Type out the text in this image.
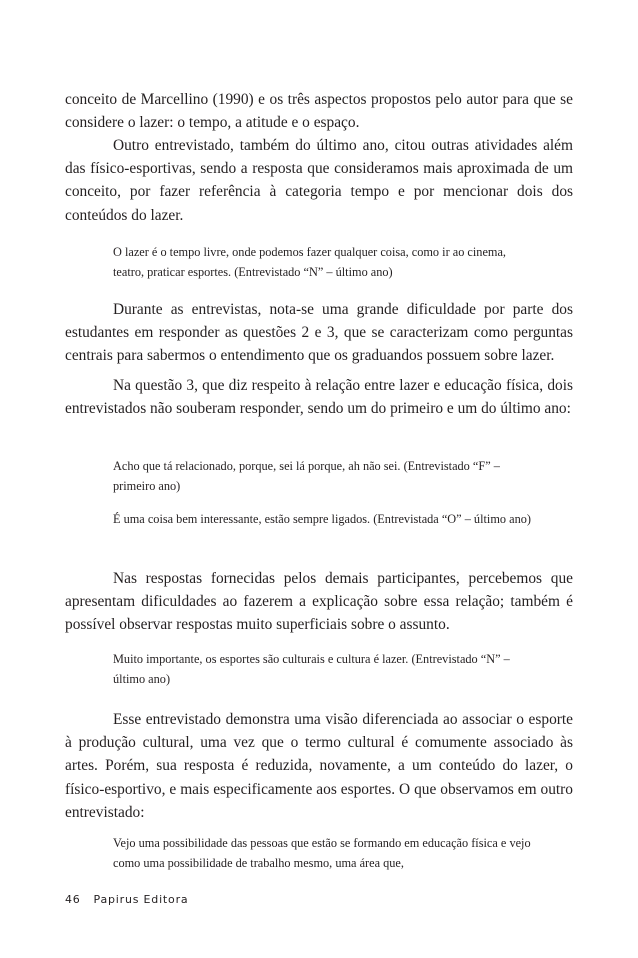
conceito de Marcellino (1990) e os três aspectos propostos pelo autor para que se considere o lazer: o tempo, a atitude e o espaço.

Outro entrevistado, também do último ano, citou outras atividades além das físico-esportivas, sendo a resposta que consideramos mais aproximada de um conceito, por fazer referência à categoria tempo e por mencionar dois dos conteúdos do lazer.

O lazer é o tempo livre, onde podemos fazer qualquer coisa, como ir ao cinema, teatro, praticar esportes. (Entrevistado “N” – último ano)

Durante as entrevistas, nota-se uma grande dificuldade por parte dos estudantes em responder as questões 2 e 3, que se caracterizam como perguntas centrais para sabermos o entendimento que os graduandos possuem sobre lazer.

Na questão 3, que diz respeito à relação entre lazer e educação física, dois entrevistados não souberam responder, sendo um do primeiro e um do último ano:

Acho que tá relacionado, porque, sei lá porque, ah não sei. (Entrevistado “F” – primeiro ano)

É uma coisa bem interessante, estão sempre ligados. (Entrevistada “O” – último ano)

Nas respostas fornecidas pelos demais participantes, percebemos que apresentam dificuldades ao fazerem a explicação sobre essa relação; também é possível observar respostas muito superficiais sobre o assunto.

Muito importante, os esportes são culturais e cultura é lazer. (Entrevistado “N” – último ano)

Esse entrevistado demonstra uma visão diferenciada ao associar o esporte à produção cultural, uma vez que o termo cultural é comumente associado às artes. Porém, sua resposta é reduzida, novamente, a um conteúdo do lazer, o físico-esportivo, e mais especificamente aos esportes. O que observamos em outro entrevistado:

Vejo uma possibilidade das pessoas que estão se formando em educação física e vejo como uma possibilidade de trabalho mesmo, uma área que,

46 Papirus Editora
